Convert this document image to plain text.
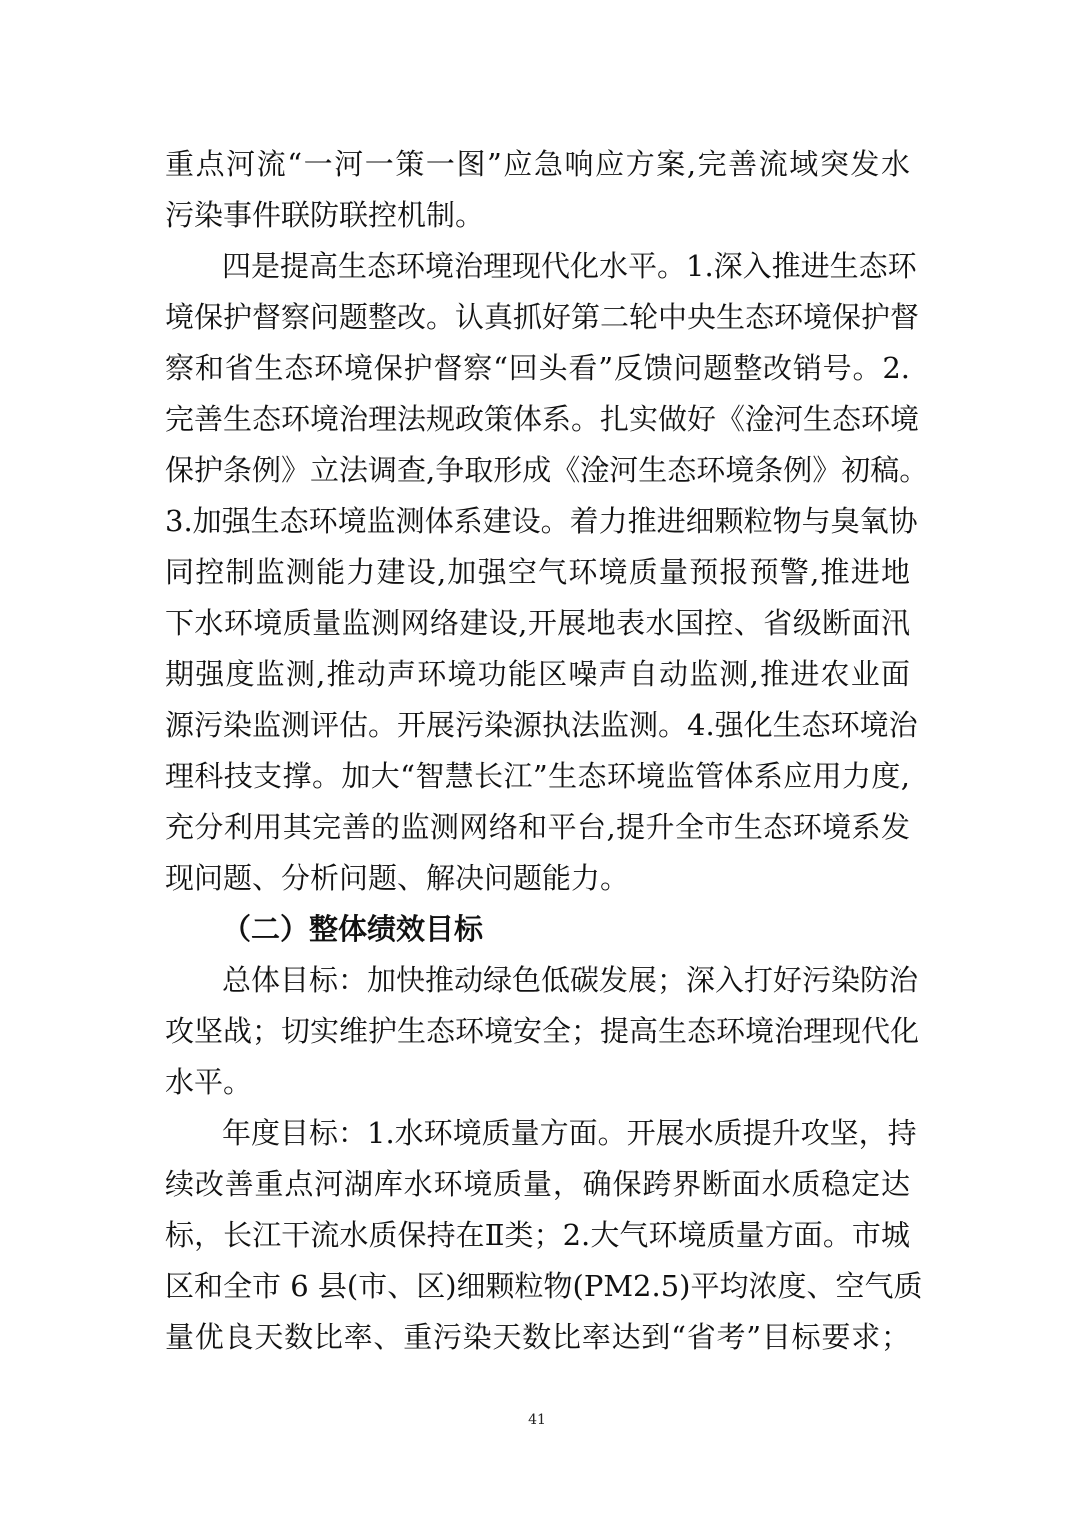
重点河流“一河一策一图”应急响应方案,完善流域突发水
污染事件联防联控机制。
四是提高生态环境治理现代化水平。1.深入推进生态环
境保护督察问题整改。认真抓好第二轮中央生态环境保护督
察和省生态环境保护督察“回头看”反馈问题整改销号。2.
完善生态环境治理法规政策体系。扎实做好《淦河生态环境
保护条例》立法调查,争取形成《淦河生态环境条例》初稿。
3.加强生态环境监测体系建设。着力推进细颗粒物与臭氧协
同控制监测能力建设,加强空气环境质量预报预警,推进地
下水环境质量监测网络建设,开展地表水国控、省级断面汛
期强度监测,推动声环境功能区噪声自动监测,推进农业面
源污染监测评估。开展污染源执法监测。4.强化生态环境治
理科技支撑。加大“智慧长江”生态环境监管体系应用力度,
充分利用其完善的监测网络和平台,提升全市生态环境系发
现问题、分析问题、解决问题能力。
（二）整体绩效目标
总体目标：加快推动绿色低碳发展；深入打好污染防治
攻坚战；切实维护生态环境安全；提高生态环境治理现代化
水平。
年度目标：1.水环境质量方面。开展水质提升攻坚，持
续改善重点河湖库水环境质量，确保跨界断面水质稳定达
标，长江干流水质保持在Ⅱ类；2.大气环境质量方面。市城
区和全市 6 县(市、区)细颗粒物(PM2.5)平均浓度、空气质
量优良天数比率、重污染天数比率达到“省考”目标要求；
41
